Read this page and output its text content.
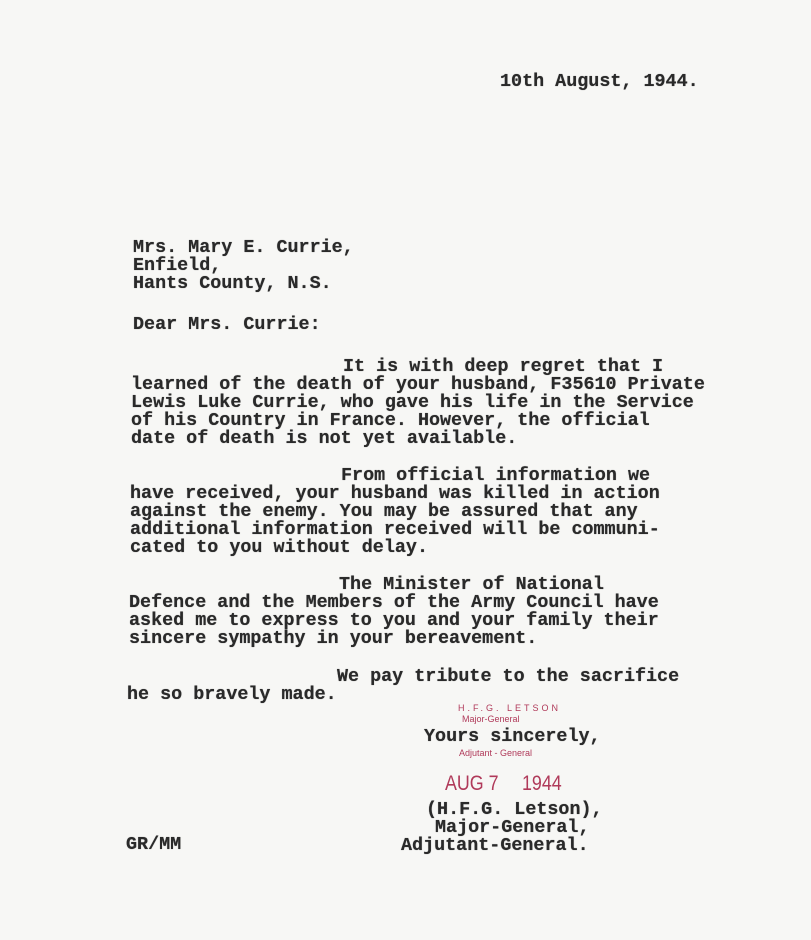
10th August, 1944.
Mrs. Mary E. Currie,
Enfield,
Hants County, N.S.
Dear Mrs. Currie:
It is with deep regret that I
learned of the death of your husband, F35610 Private
Lewis Luke Currie, who gave his life in the Service
of his Country in France. However, the official
date of death is not yet available.
From official information we
have received, your husband was killed in action
against the enemy. You may be assured that any
additional information received will be communi-
cated to you without delay.
The Minister of National
Defence and the Members of the Army Council have
asked me to express to you and your family their
sincere sympathy in your bereavement.
We pay tribute to the sacrifice
he so bravely made.
H.F.G. LETSON
Major-General
Adjutant - General
Yours sincerely,
AUG 7 1944
(H.F.G. Letson),
Major-General,
Adjutant-General.
GR/MM
